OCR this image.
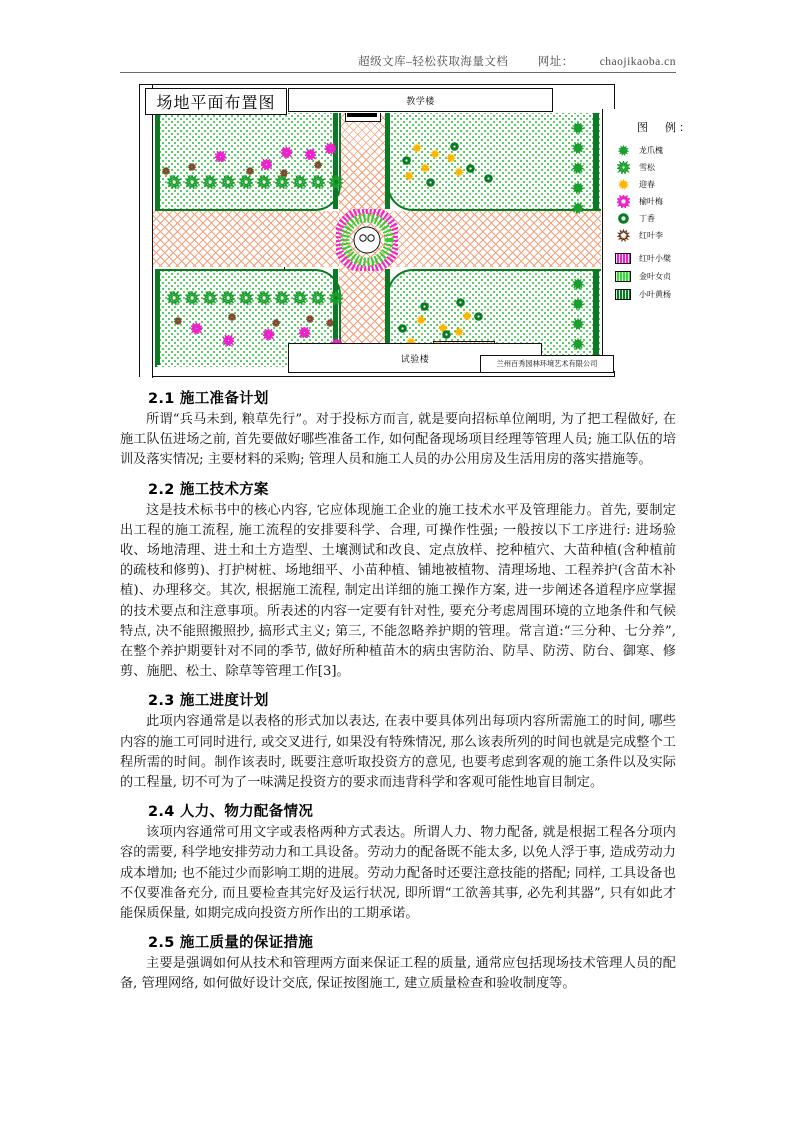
超级文库–轻松获取海量文档	网址： chaojikaoba.cn
场地平面布置图	教学楼
试验楼
兰州百秀园林环境艺术有限公司
图　例：
龙爪槐
雪松
迎春
榆叶梅
丁香
红叶李
红叶小檗
金叶女贞
小叶黄杨
2.1 施工准备计划

所谓“兵马未到, 粮草先行”。对于投标方而言, 就是要向招标单位阐明, 为了把工程做好, 在施工队伍进场之前, 首先要做好哪些准备工作, 如何配备现场项目经理等管理人员; 施工队伍的培训及落实情况; 主要材料的采购; 管理人员和施工人员的办公用房及生活用房的落实措施等。

2.2 施工技术方案

这是技术标书中的核心内容, 它应体现施工企业的施工技术水平及管理能力。首先, 要制定出工程的施工流程, 施工流程的安排要科学、合理, 可操作性强; 一般按以下工序进行: 进场验收、场地清理、进土和土方造型、土壤测试和改良、定点放样、挖种植穴、大苗种植(含种植前的疏枝和修剪)、打护树桩、场地细平、小苗种植、铺地被植物、清理场地、工程养护(含苗木补植)、办理移交。其次, 根据施工流程, 制定出详细的施工操作方案, 进一步阐述各道程序应掌握的技术要点和注意事项。所表述的内容一定要有针对性, 要充分考虑周围环境的立地条件和气候特点, 决不能照搬照抄, 搞形式主义; 第三, 不能忽略养护期的管理。常言道:“三分种、七分养”, 在整个养护期要针对不同的季节, 做好所种植苗木的病虫害防治、防旱、防涝、防台、御寒、修剪、施肥、松土、除草等管理工作[3]。

2.3 施工进度计划

此项内容通常是以表格的形式加以表达, 在表中要具体列出每项内容所需施工的时间, 哪些内容的施工可同时进行, 或交叉进行, 如果没有特殊情况, 那么该表所列的时间也就是完成整个工程所需的时间。制作该表时, 既要注意听取投资方的意见, 也要考虑到客观的施工条件以及实际的工程量, 切不可为了一味满足投资方的要求而违背科学和客观可能性地盲目制定。

2.4 人力、物力配备情况

该项内容通常可用文字或表格两种方式表达。所谓人力、物力配备, 就是根据工程各分项内容的需要, 科学地安排劳动力和工具设备。劳动力的配备既不能太多, 以免人浮于事, 造成劳动力成本增加; 也不能过少而影响工期的进展。劳动力配备时还要注意技能的搭配; 同样, 工具设备也不仅要准备充分, 而且要检查其完好及运行状况, 即所谓“工欲善其事, 必先利其器”, 只有如此才能保质保量, 如期完成向投资方所作出的工期承诺。

2.5 施工质量的保证措施

主要是强调如何从技术和管理两方面来保证工程的质量, 通常应包括现场技术管理人员的配备, 管理网络, 如何做好设计交底, 保证按图施工, 建立质量检查和验收制度等。
